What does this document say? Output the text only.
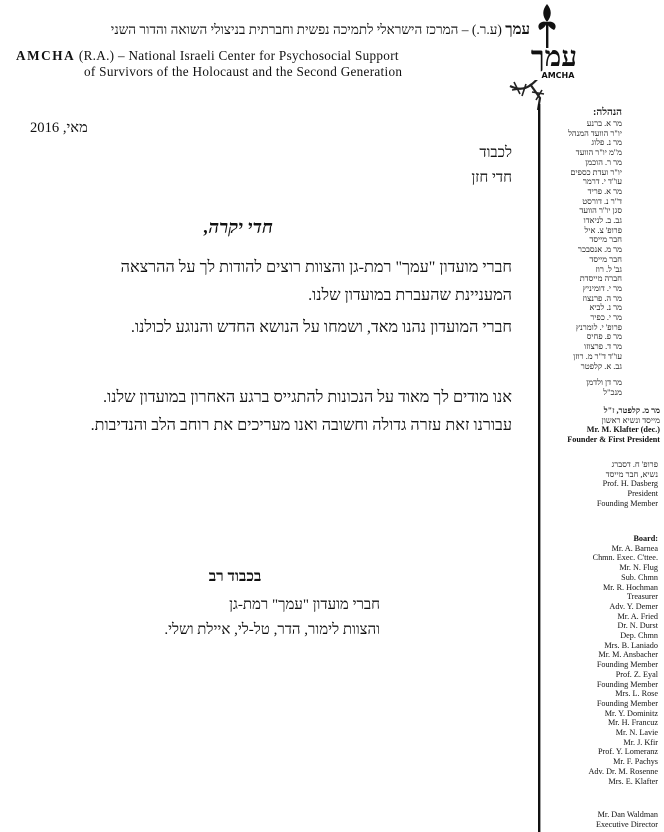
עמך (ע.ר.) – המרכז הישראלי לתמיכה נפשית וחברתית בניצולי השואה והדור השני
AMCHA (R.A.) – National Israeli Center for Psychosocial Support
of Survivors of the Holocaust and the Second Generation	עמך
AMCHA
מאי, 2016
לכבוד
חדי חזן
חדי יקרה,
חברי מועדון "עמך" רמת-גן והצוות רוצים להודות לך על ההרצאה
המעניינת שהעברת במועדון שלנו.
חברי המועדון נהנו מאד, ושמחו על הנושא החדש והנוגע לכולנו.
אנו מודים לך מאוד על הנכונות להתגייס ברגע האחרון במועדון שלנו.
עבורנו זאת עזרה גדולה וחשובה ואנו מעריכים את רוחב הלב והנדיבות.
בכבוד רב
חברי מועדון "עמך" רמת-גן
והצוות לימור, הדר, טל-לי, איילת ושלי.
הנהלה:
מר א. ברנע
יו"ר הוועד המנהל
מר נ. פלוג
מ"מ יו"ר הוועד
מר ר. הוכמן
יו"ר ועדת כספים
עו"ד י. דרמר
מר א. פריד
ד"ר נ. דורסט
סגן יו"ר הוועד
גב. ב. לניאדו
פרופ' צ. איל
חבר מייסד
מר מ. אנסבכר
חבר מייסד
גב' ל. רוז
חברה מייסדת
מר י. דומיניץ
מר ה. פרנצוז
מר נ. לביא
מר י. כפיר
פרופ' י. לומרנץ
מר פ. פחיס
מר ד. פרצוזו
עו"ד ד"ר מ. רוזן
גב. א. קלפטר
מר דן ולדמן
מנכ"ל
מר מ. קלפטר, ז"ל
מייסד ונשיא ראשון
Mr. M. Klafter (dec.)
Founder & First President
פרופ' ח. דסברג
נשיא, חבר מייסד
Prof. H. Dasberg
President
Founding Member
Board:
Mr. A. Barnea
Chmn. Exec. C'ttee.
Mr. N. Flug
Sub. Chmn
Mr. R. Hochman
Treasurer
Adv. Y. Demer
Mr. A. Fried
Dr. N. Durst
Dep. Chmn
Mrs. B. Laniado
Mr. M. Ansbacher
Founding Member
Prof. Z. Eyal
Founding Member
Mrs. L. Rose
Founding Member
Mr. Y. Dominitz
Mr. H. Francuz
Mr. N. Lavie
Mr. J. Kfir
Prof. Y. Lomeranz
Mr. F. Pachys
Adv. Dr. M. Rosenne
Mrs. E. Klafter
Mr. Dan Waldman
Executive Director
